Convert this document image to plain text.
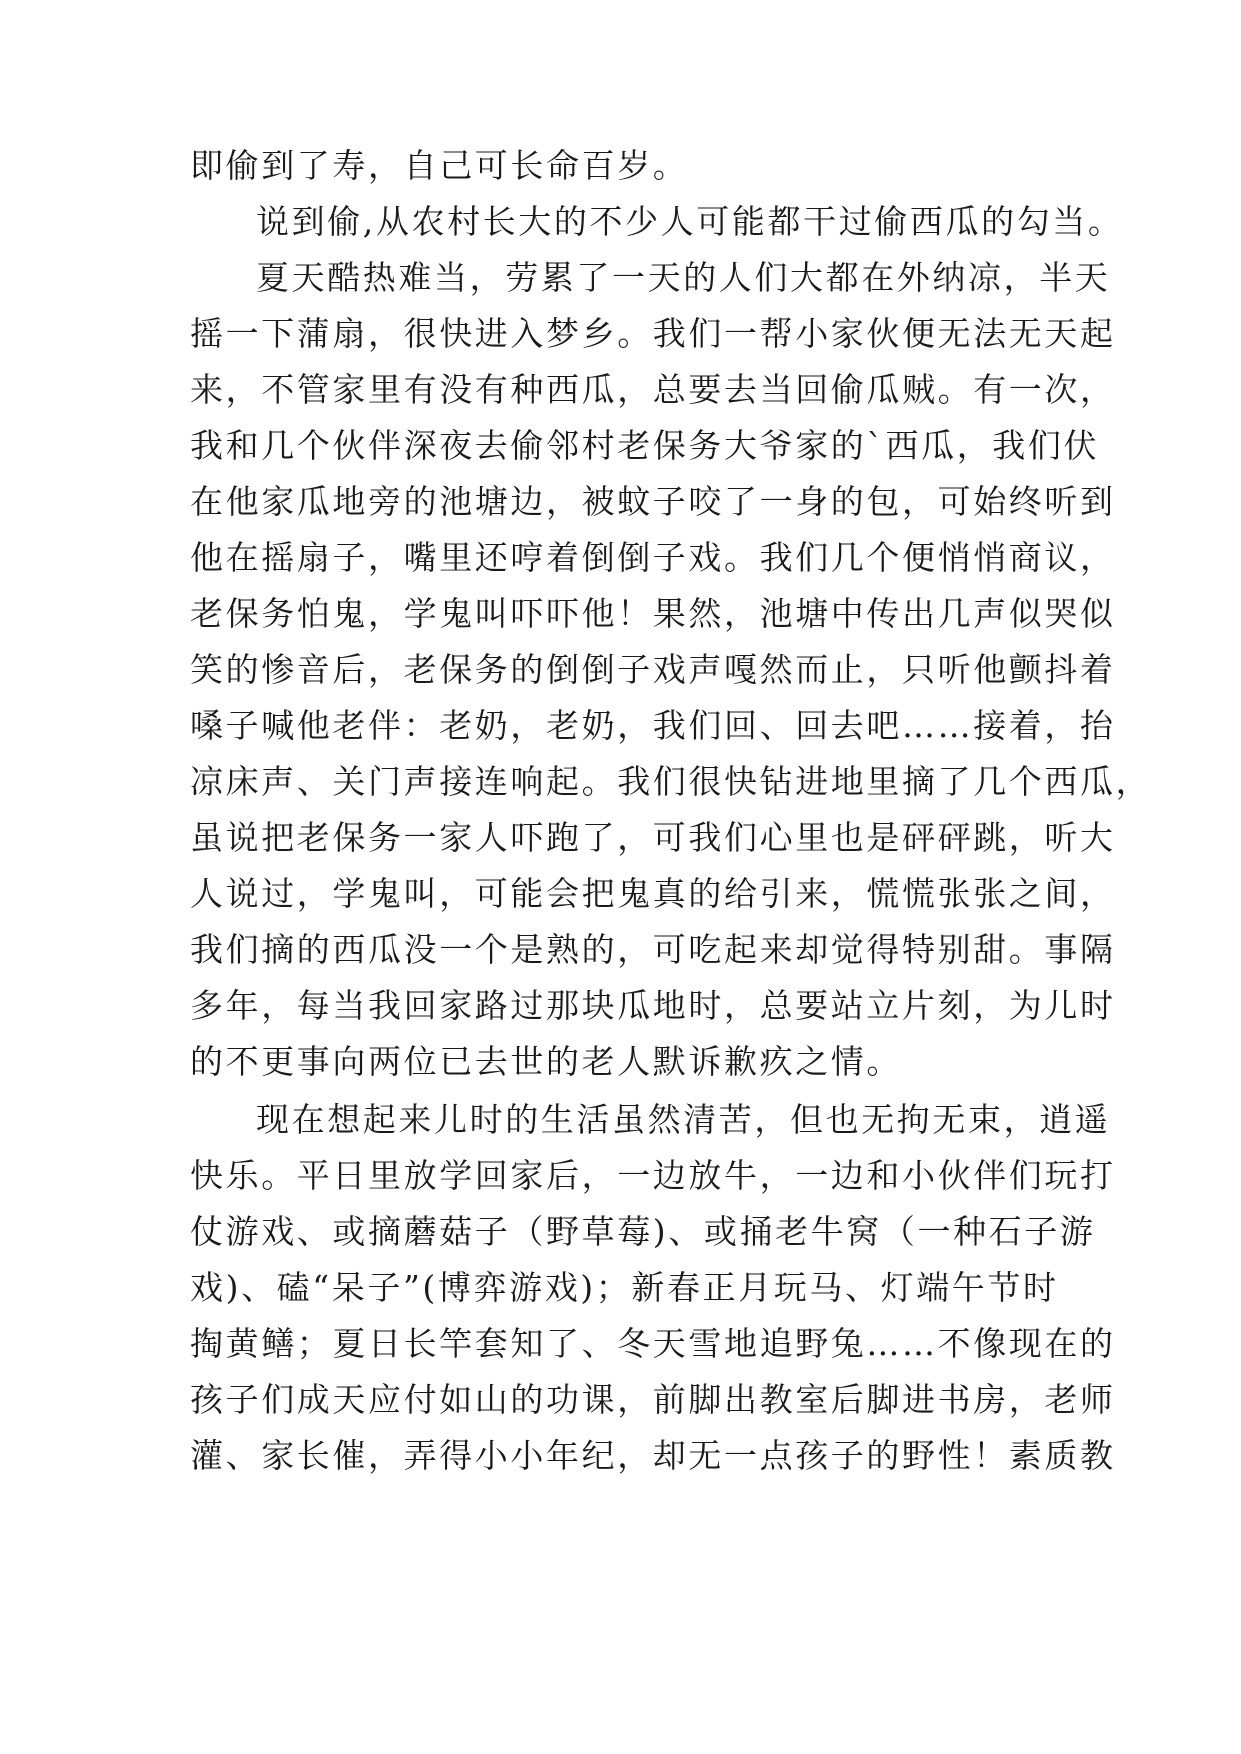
即偷到了寿，自己可长命百岁。
说到偷,从农村长大的不少人可能都干过偷西瓜的勾当。
夏天酷热难当，劳累了一天的人们大都在外纳凉，半天
摇一下蒲扇，很快进入梦乡。我们一帮小家伙便无法无天起
来，不管家里有没有种西瓜，总要去当回偷瓜贼。有一次，
我和几个伙伴深夜去偷邻村老保务大爷家的`西瓜，我们伏
在他家瓜地旁的池塘边，被蚊子咬了一身的包，可始终听到
他在摇扇子，嘴里还哼着倒倒子戏。我们几个便悄悄商议，
老保务怕鬼，学鬼叫吓吓他！果然，池塘中传出几声似哭似
笑的惨音后，老保务的倒倒子戏声嘎然而止，只听他颤抖着
嗓子喊他老伴：老奶，老奶，我们回、回去吧……接着，抬
凉床声、关门声接连响起。我们很快钻进地里摘了几个西瓜，
虽说把老保务一家人吓跑了，可我们心里也是砰砰跳，听大
人说过，学鬼叫，可能会把鬼真的给引来，慌慌张张之间，
我们摘的西瓜没一个是熟的，可吃起来却觉得特别甜。事隔
多年，每当我回家路过那块瓜地时，总要站立片刻，为儿时
的不更事向两位已去世的老人默诉歉疚之情。
现在想起来儿时的生活虽然清苦，但也无拘无束，逍遥
快乐。平日里放学回家后，一边放牛，一边和小伙伴们玩打
仗游戏、或摘蘑菇子（野草莓)、或捅老牛窝（一种石子游
戏)、磕“呆子”(博弈游戏)；新春正月玩马、灯端午节时
掏黄鳝；夏日长竿套知了、冬天雪地追野兔……不像现在的
孩子们成天应付如山的功课，前脚出教室后脚进书房，老师
灌、家长催，弄得小小年纪，却无一点孩子的野性！素质教
